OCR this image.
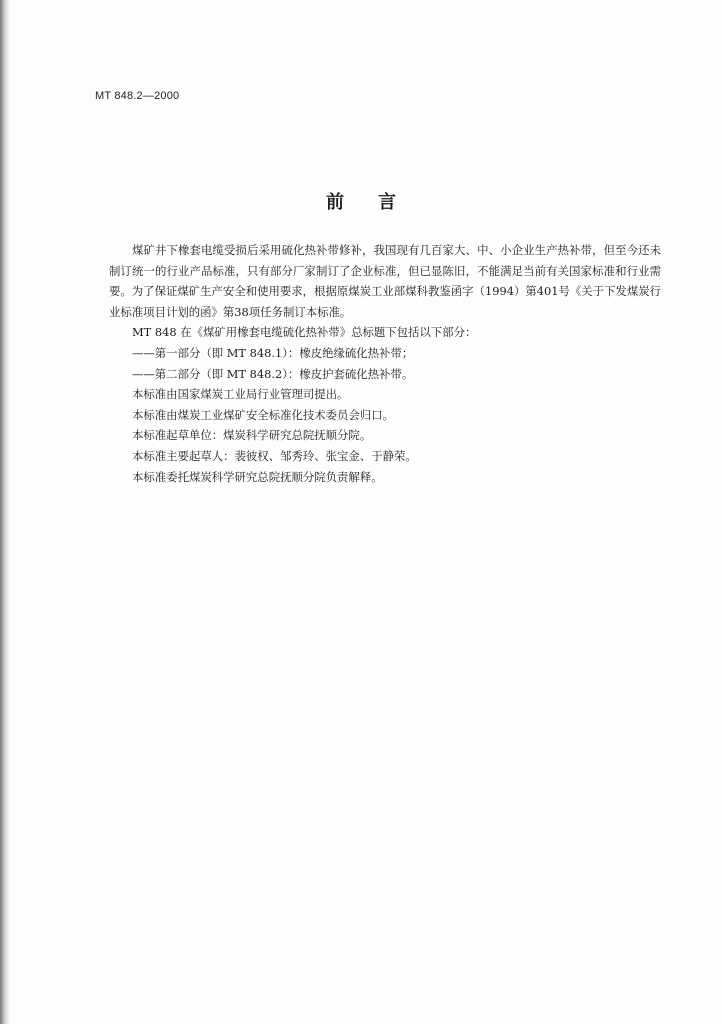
MT 848.2—2000
前 言

煤矿井下橡套电缆受损后采用硫化热补带修补，我国现有几百家大、中、小企业生产热补带，但至今还未制订统一的行业产品标准，只有部分厂家制订了企业标准，但已显陈旧，不能满足当前有关国家标准和行业需要。为了保证煤矿生产安全和使用要求，根据原煤炭工业部煤科教鉴函字（1994）第401号《关于下发煤炭行业标准项目计划的函》第38项任务制订本标准。

MT 848 在《煤矿用橡套电缆硫化热补带》总标题下包括以下部分：

——第一部分（即 MT 848.1）：橡皮绝缘硫化热补带；

——第二部分（即 MT 848.2）：橡皮护套硫化热补带。

本标准由国家煤炭工业局行业管理司提出。

本标准由煤炭工业煤矿安全标准化技术委员会归口。

本标准起草单位：煤炭科学研究总院抚顺分院。

本标准主要起草人：裴彼权、邹秀玲、张宝金、于静荣。

本标准委托煤炭科学研究总院抚顺分院负责解释。
